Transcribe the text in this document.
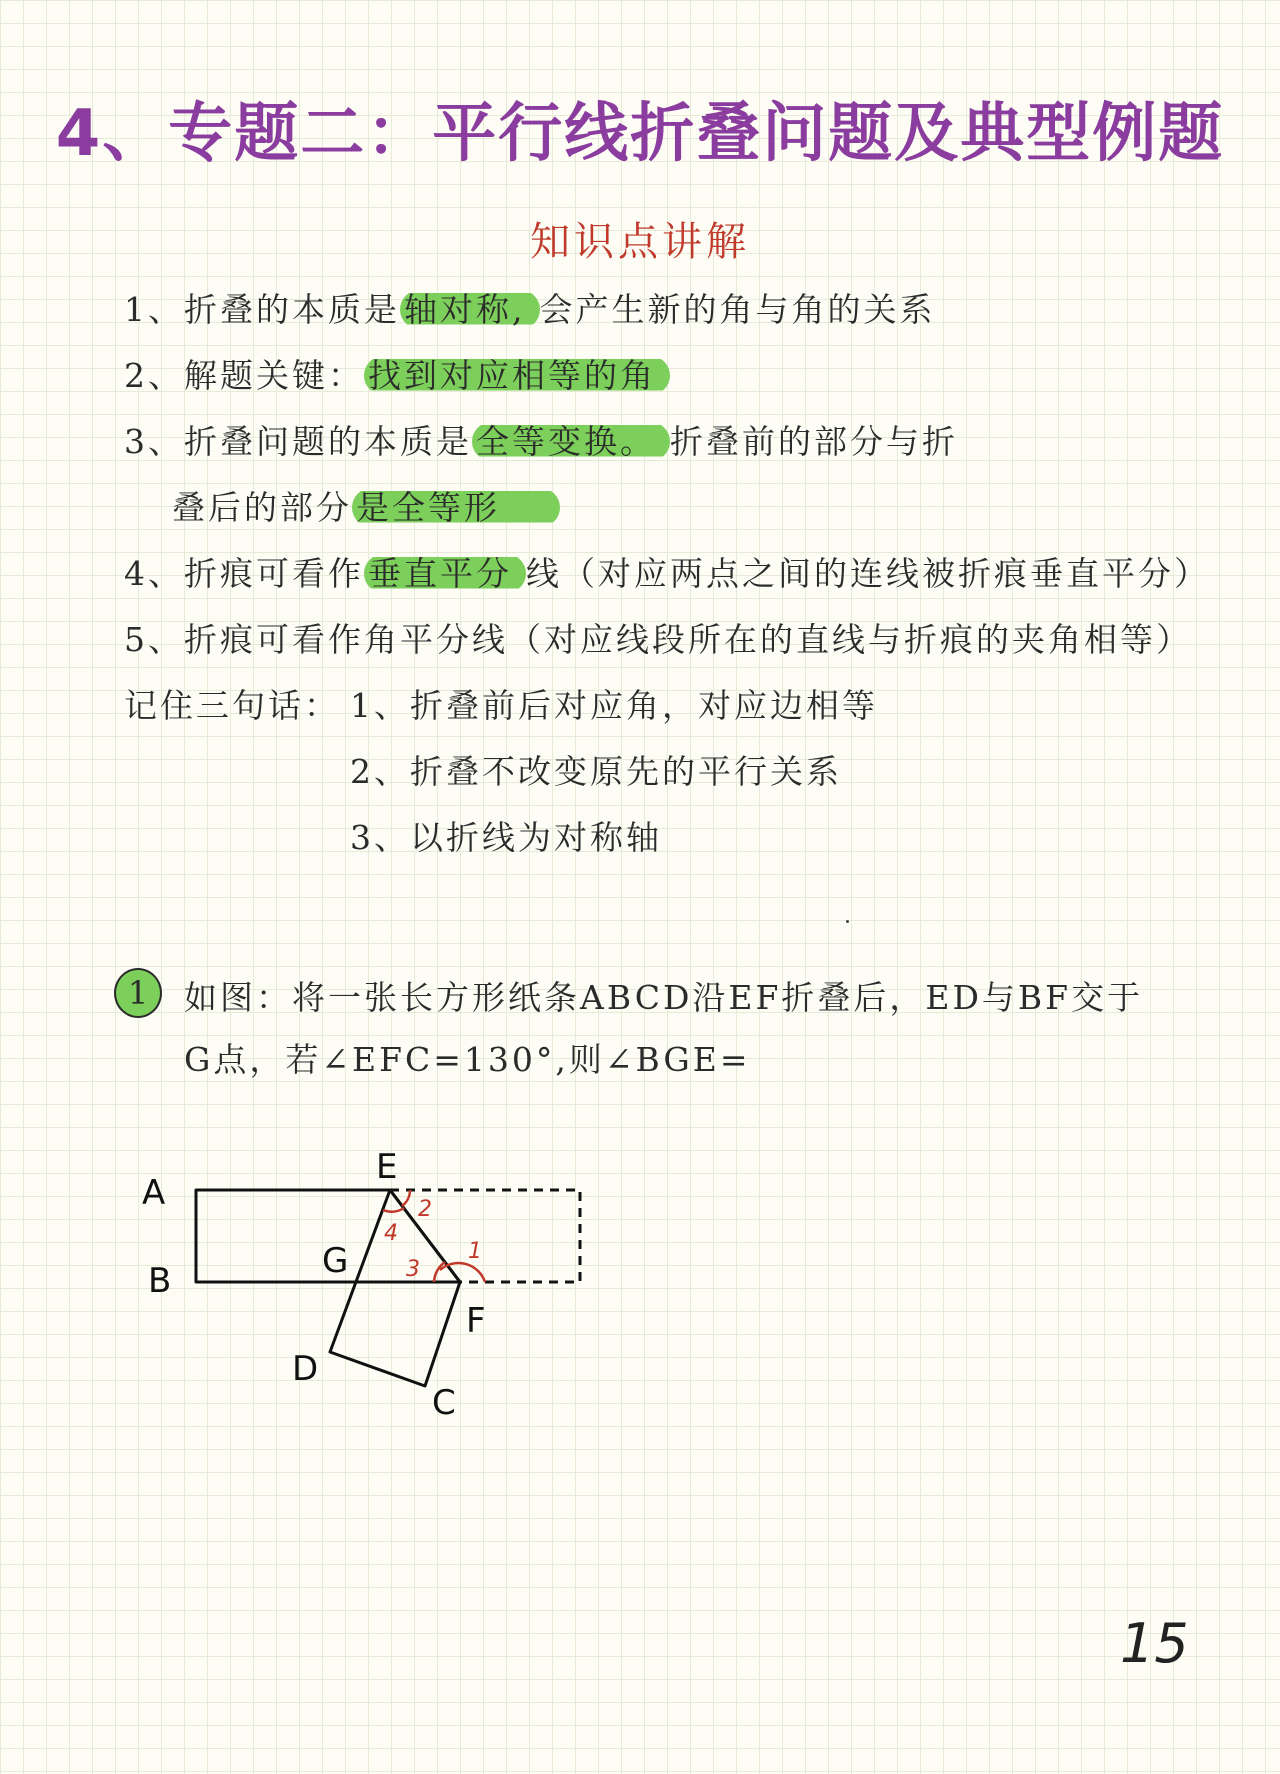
4、专题二：平行线折叠问题及典型例题
知识点讲解
1、折叠的本质是 轴对称, 会产生新的角与角的关系
2、解题关键： 找到对应相等的角
3、折叠问题的本质是 全等变换。 折叠前的部分与折
叠后的部分 是全等形
4、折痕可看作 垂直平分 线（对应两点之间的连线被折痕垂直平分）
5、折痕可看作角平分线（对应线段所在的直线与折痕的夹角相等）
记住三句话： 1、折叠前后对应角，对应边相等
2、折叠不改变原先的平行关系
3、以折线为对称轴
1	如图：将一张长方形纸条ABCD沿EF折叠后，ED与BF交于
G点，若∠EFC=130°,则∠BGE=
A
B
E
G
F
D
C
1
2
3
4
15
